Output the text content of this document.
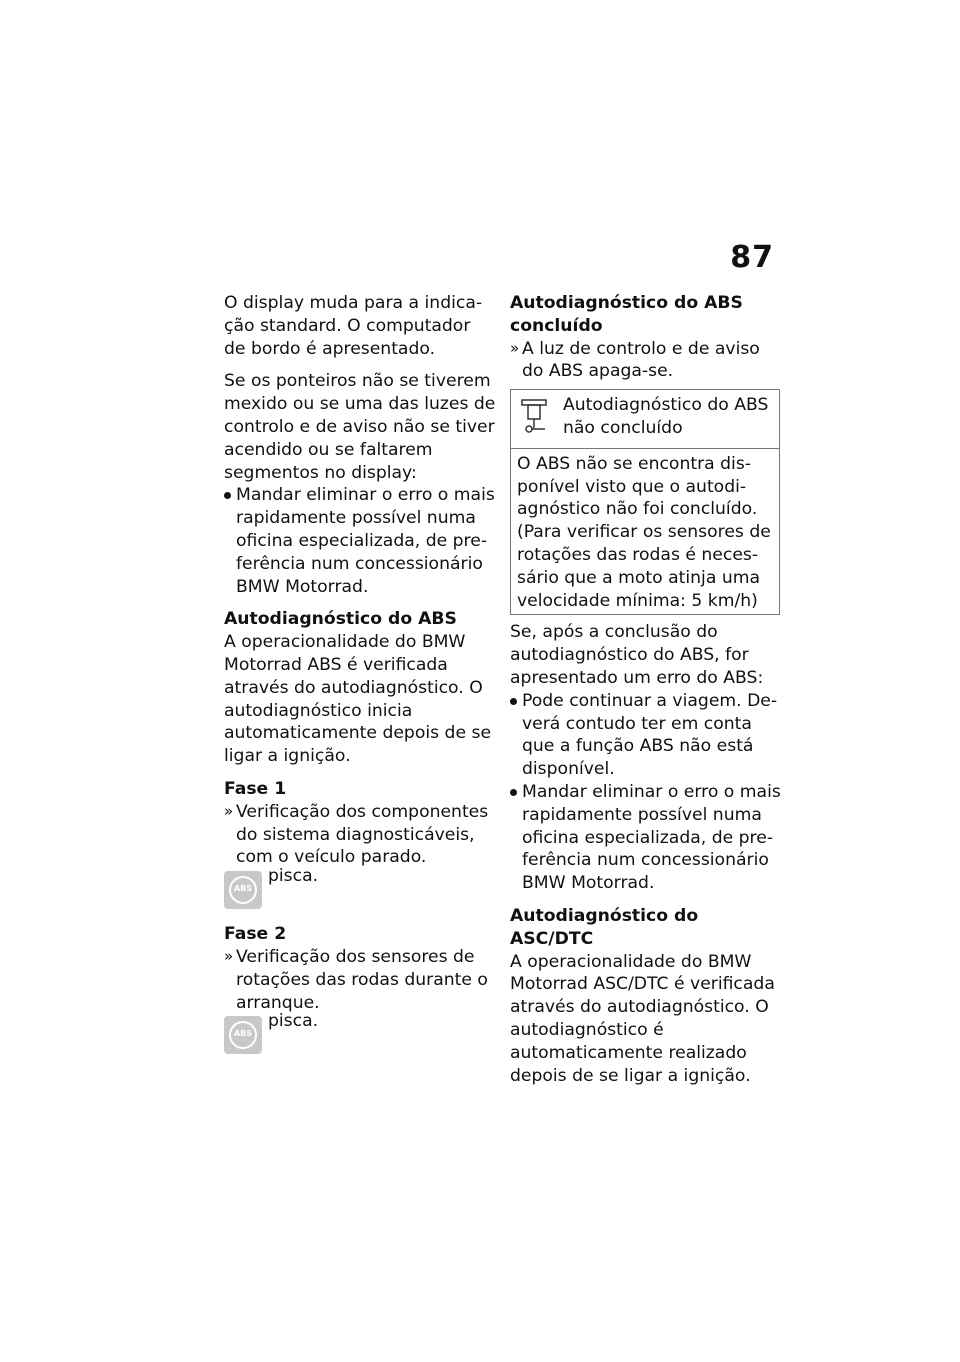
87

O display muda para a indicação standard. O computador de bordo é apresentado.

Se os ponteiros não se tiverem mexido ou se uma das luzes de controlo e de aviso não se tiver acendido ou se faltarem segmentos no display:

Mandar eliminar o erro o mais rapidamente possível numa oficina especializada, de preferência num concessionário BMW Motorrad.

Autodiagnóstico do ABS

A operacionalidade do BMW Motorrad ABS é verificada através do autodiagnóstico. O autodiagnóstico inicia automaticamente depois de se ligar a ignição.

Fase 1

» Verificação dos componentes do sistema diagnosticáveis, com o veículo parado.

ABS
pisca.

Fase 2

» Verificação dos sensores de rotações das rodas durante o arranque.

ABS
pisca.

Autodiagnóstico do ABS concluído

» A luz de controlo e de aviso do ABS apaga-se.

Autodiagnóstico do ABS não concluído
O ABS não se encontra disponível visto que o autodiagnóstico não foi concluído. (Para verificar os sensores de rotações das rodas é necessário que a moto atinja uma velocidade mínima: 5 km/h)

Se, após a conclusão do autodiagnóstico do ABS, for apresentado um erro do ABS:

Pode continuar a viagem. Deverá contudo ter em conta que a função ABS não está disponível.

Mandar eliminar o erro o mais rapidamente possível numa oficina especializada, de preferência num concessionário BMW Motorrad.

Autodiagnóstico do ASC/DTC

A operacionalidade do BMW Motorrad ASC/DTC é verificada através do autodiagnóstico. O autodiagnóstico é automaticamente realizado depois de se ligar a ignição.
